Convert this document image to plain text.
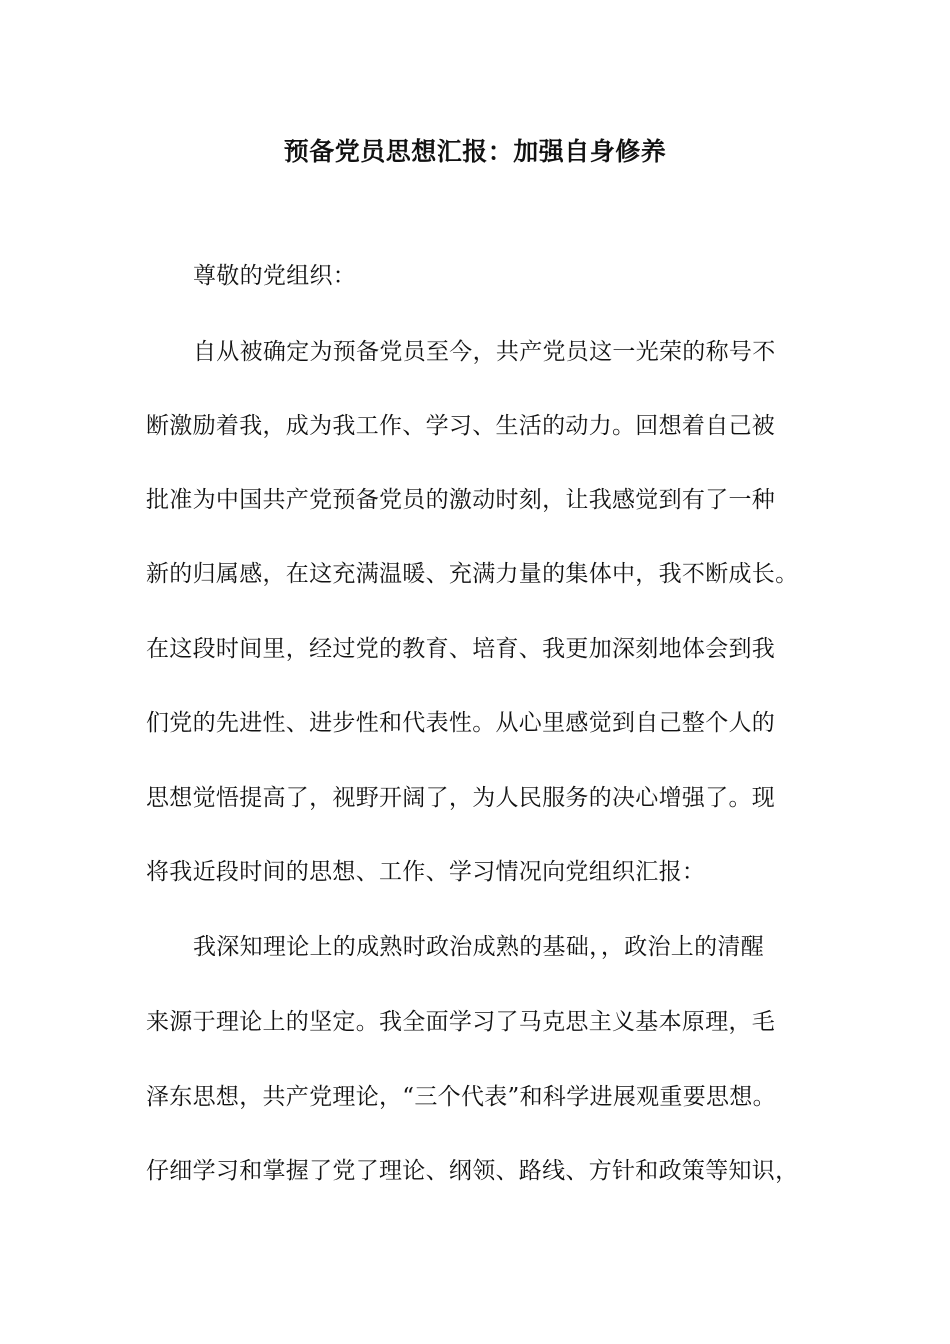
预备党员思想汇报：加强自身修养
尊敬的党组织：
自从被确定为预备党员至今，共产党员这一光荣的称号不
断激励着我，成为我工作、学习、生活的动力。回想着自己被
批准为中国共产党预备党员的激动时刻，让我感觉到有了一种
新的归属感，在这充满温暖、充满力量的集体中，我不断成长。
在这段时间里，经过党的教育、培育、我更加深刻地体会到我
们党的先进性、进步性和代表性。从心里感觉到自己整个人的
思想觉悟提高了，视野开阔了，为人民服务的决心增强了。现
将我近段时间的思想、工作、学习情况向党组织汇报：
我深知理论上的成熟时政治成熟的基础，，政治上的清醒
来源于理论上的坚定。我全面学习了马克思主义基本原理，毛
泽东思想，共产党理论，“三个代表”和科学进展观重要思想。
仔细学习和掌握了党了理论、纲领、路线、方针和政策等知识，
